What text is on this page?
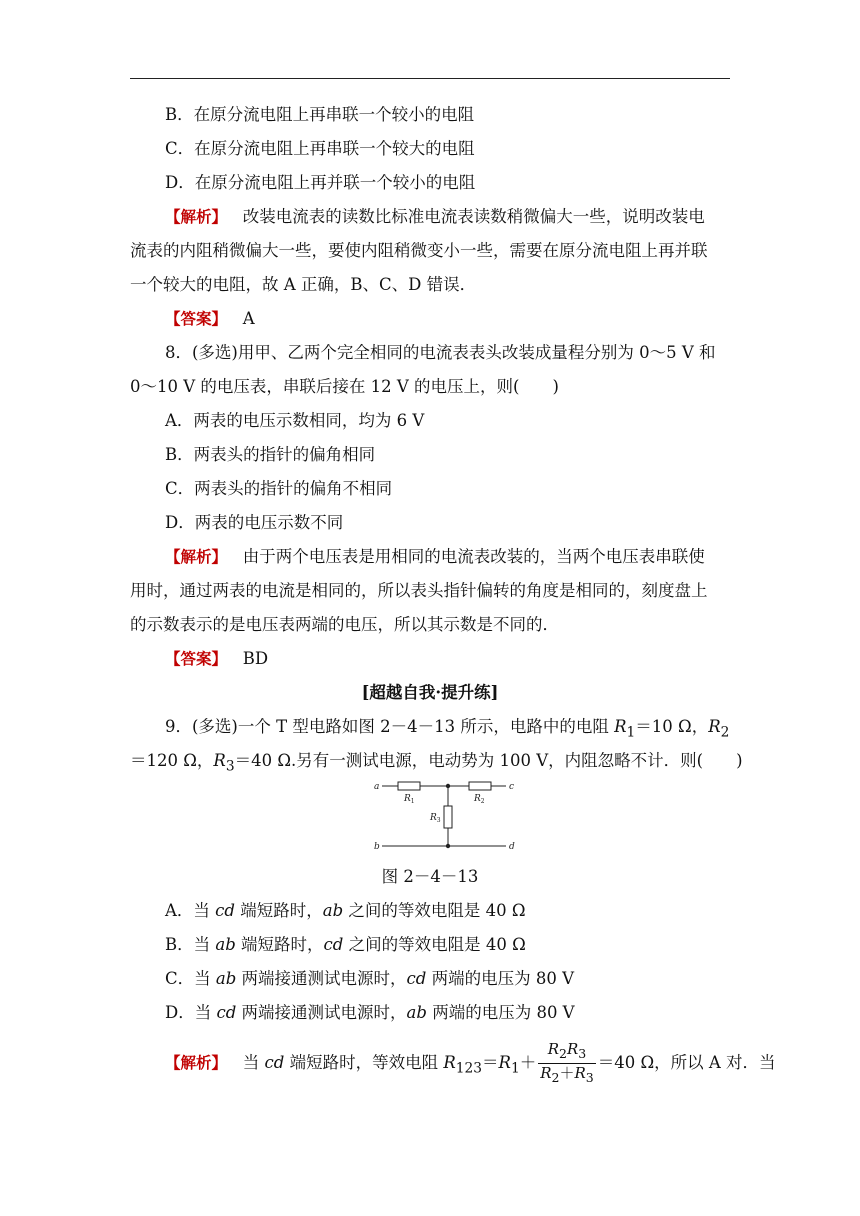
B．在原分流电阻上再串联一个较小的电阻
C．在原分流电阻上再串联一个较大的电阻
D．在原分流电阻上再并联一个较小的电阻
【解析】 改装电流表的读数比标准电流表读数稍微偏大一些，说明改装电
流表的内阻稍微偏大一些，要使内阻稍微变小一些，需要在原分流电阻上再并联
一个较大的电阻，故 A 正确，B、C、D 错误．
【答案】 A
8．(多选)用甲、乙两个完全相同的电流表表头改装成量程分别为 0～5 V 和
0～10 V 的电压表，串联后接在 12 V 的电压上，则(　　)
A．两表的电压示数相同，均为 6 V
B．两表头的指针的偏角相同
C．两表头的指针的偏角不相同
D．两表的电压示数不同
【解析】 由于两个电压表是用相同的电流表改装的，当两个电压表串联使
用时，通过两表的电流是相同的，所以表头指针偏转的角度是相同的，刻度盘上
的示数表示的是电压表两端的电压，所以其示数是不同的．
【答案】 BD
[超越自我·提升练]
9．(多选)一个 T 型电路如图 2－4－13 所示，电路中的电阻 $R_1=10$ Ω，$R_2$
＝120 Ω，$R_3=40$ Ω.另有一测试电源，电动势为 100 V，内阻忽略不计．则(　　)
a
b
c
d
$R_1$	$R_2$
$R_3$
图 2－4－13
A．当 cd 端短路时，ab 之间的等效电阻是 40 Ω
B．当 ab 端短路时，cd 之间的等效电阻是 40 Ω
C．当 ab 两端接通测试电源时，cd 两端的电压为 80 V
D．当 cd 两端接通测试电源时，ab 两端的电压为 80 V
【解析】 当 cd 端短路时，等效电阻 $R_{123}=R_1+ \frac{R_2R_3}{R_2+R_3} =40$ Ω，所以 A 对．当
